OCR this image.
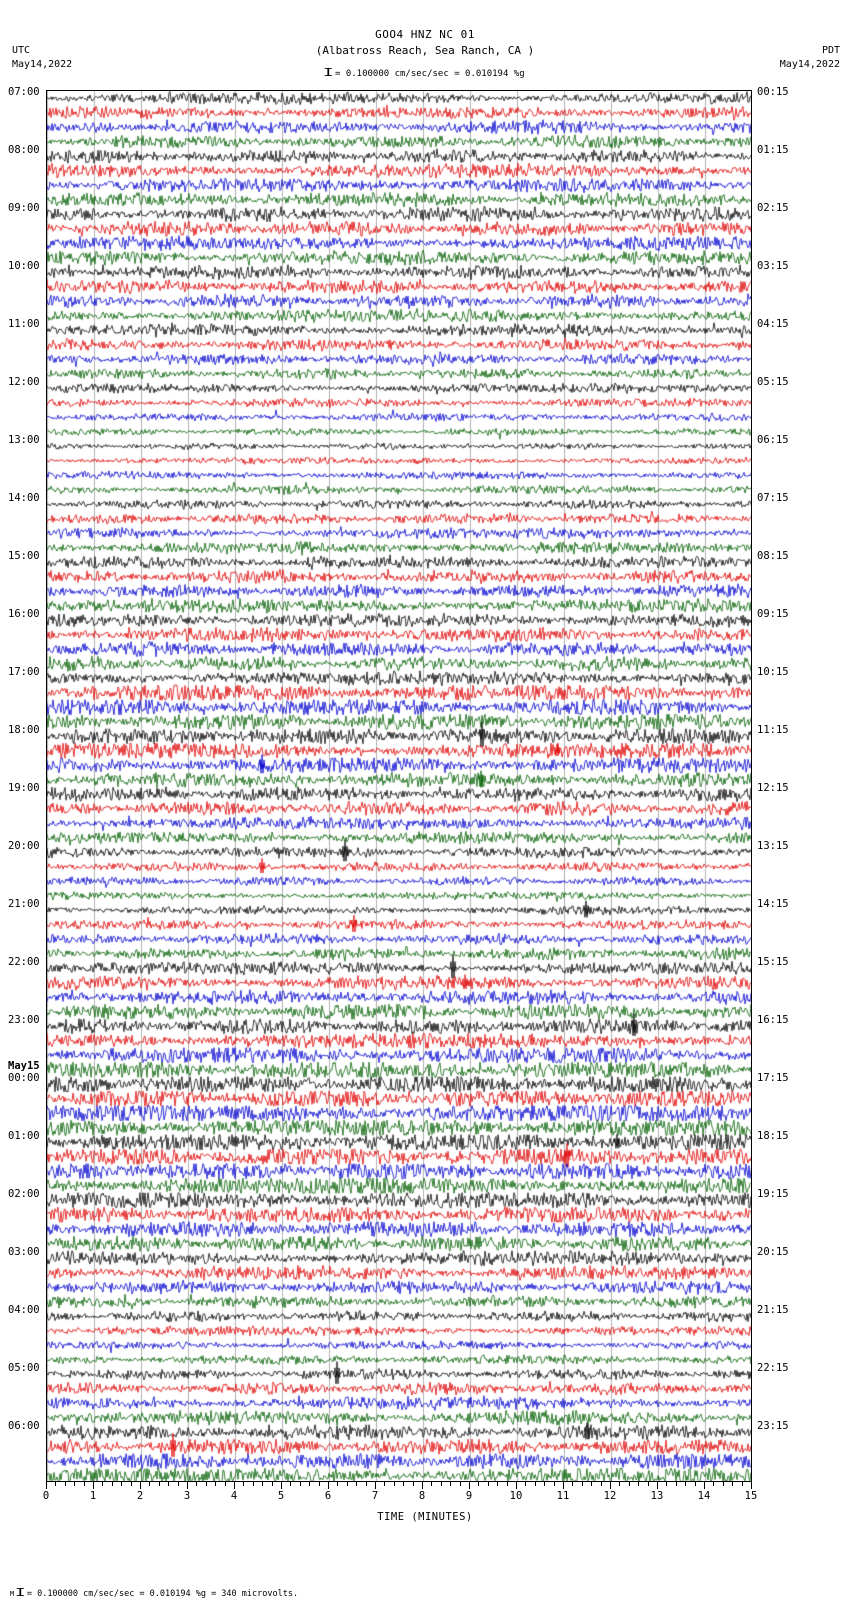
GOO4 HNZ NC 01
(Albatross Reach, Sea Ranch, CA )
I= 0.100000 cm/sec/sec = 0.010194 %g
UTC
May14,2022
PDT
May14,2022
07:00
08:00
09:00
10:00
11:00
12:00
13:00
14:00
15:00
16:00
17:00
18:00
19:00
20:00
21:00
22:00
23:00
00:00
01:00
02:00
03:00
04:00
05:00
06:00
00:15
01:15
02:15
03:15
04:15
05:15
06:15
07:15
08:15
09:15
10:15
11:15
12:15
13:15
14:15
15:15
16:15
17:15
18:15
19:15
20:15
21:15
22:15
23:15
0	1	2	3	4	5	6	7	8	9	10	11	12	13	14	15
TIME (MINUTES)
MI= 0.100000 cm/sec/sec = 0.010194 %g = 340 microvolts.
May15
